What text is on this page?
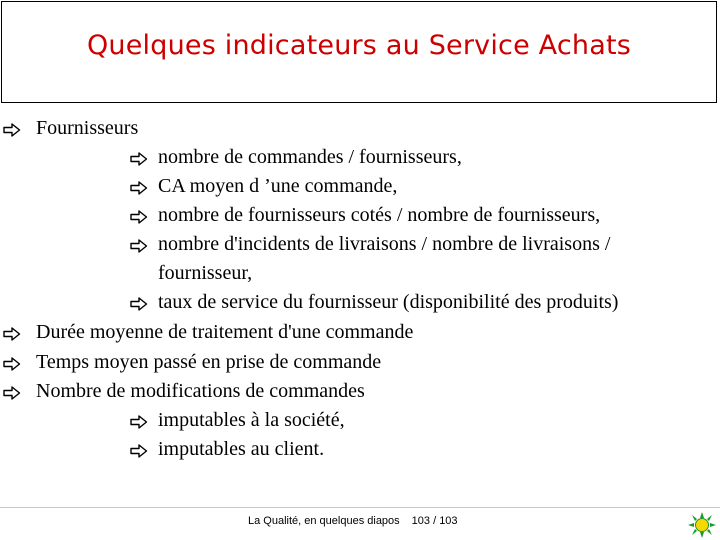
Quelques indicateurs au Service Achats
Fournisseurs
nombre de commandes / fournisseurs,
CA moyen d ’une commande,
nombre de fournisseurs cotés / nombre de fournisseurs,
nombre d'incidents de livraisons / nombre de livraisons /
fournisseur,
taux de service du fournisseur (disponibilité des produits)
Durée moyenne de traitement d'une commande
Temps moyen passé en prise de commande
Nombre de modifications de commandes
imputables à la société,
imputables au client.
La Qualité, en quelques diapos 103 / 103
